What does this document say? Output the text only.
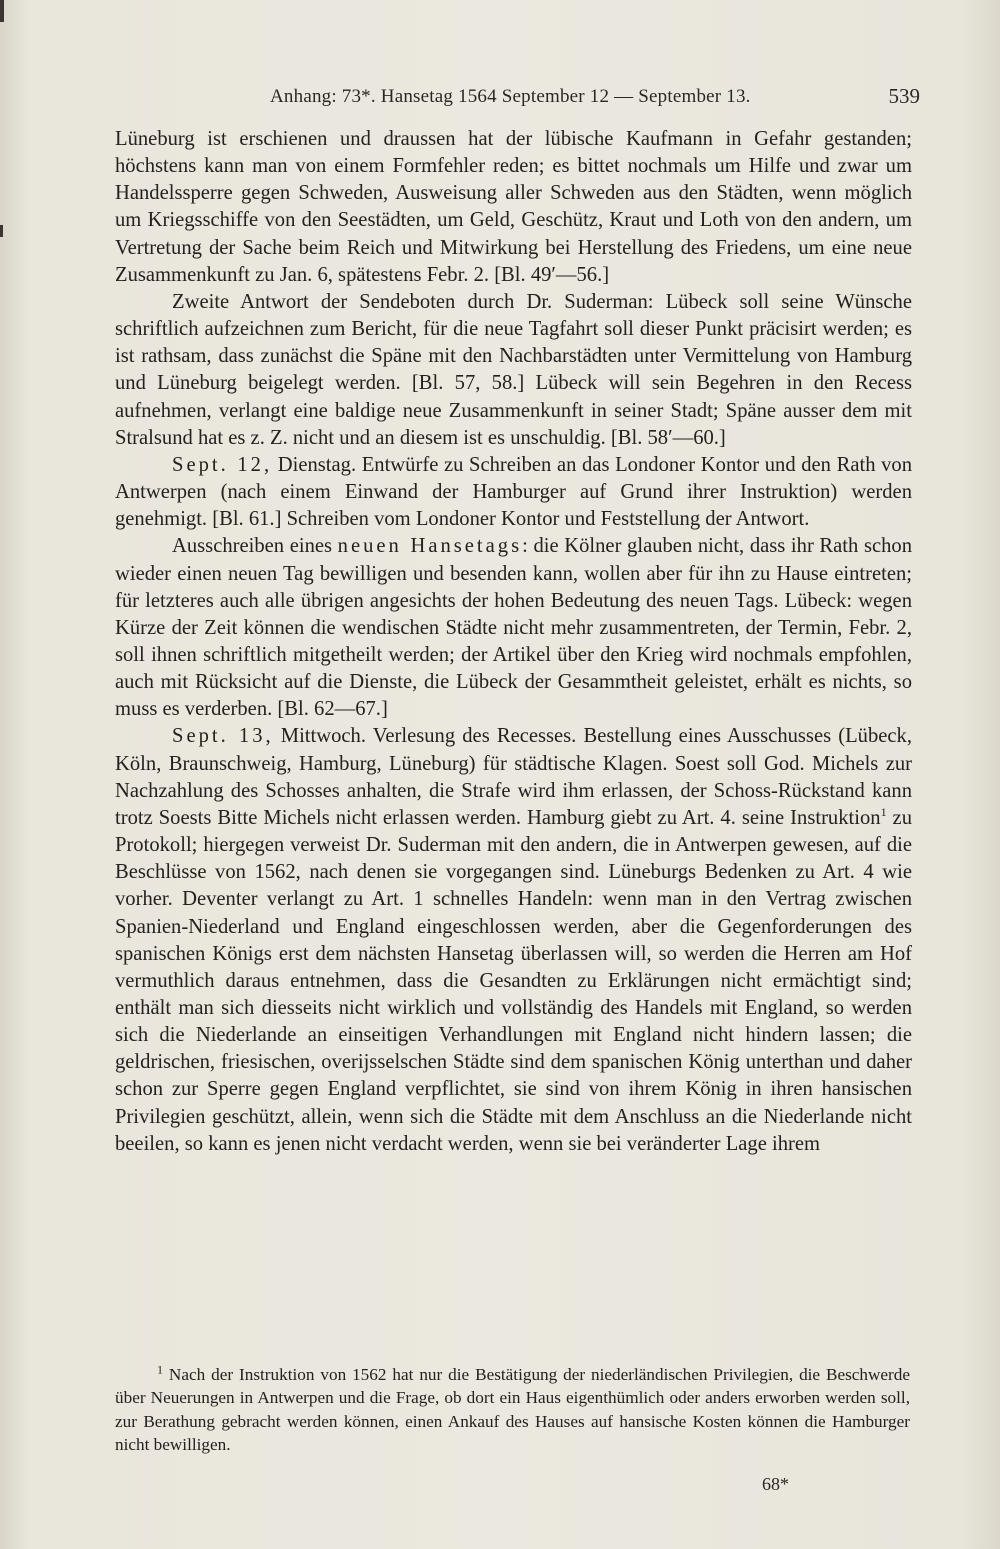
Anhang: 73*. Hansetag 1564 September 12 — September 13.	539

Lüneburg ist erschienen und draussen hat der lübische Kaufmann in Gefahr gestanden; höchstens kann man von einem Formfehler reden; es bittet nochmals um Hilfe und zwar um Handelssperre gegen Schweden, Ausweisung aller Schweden aus den Städten, wenn möglich um Kriegsschiffe von den Seestädten, um Geld, Geschütz, Kraut und Loth von den andern, um Vertretung der Sache beim Reich und Mitwirkung bei Herstellung des Friedens, um eine neue Zusammenkunft zu Jan. 6, spätestens Febr. 2. [Bl. 49′—56.]

Zweite Antwort der Sendeboten durch Dr. Suderman: Lübeck soll seine Wünsche schriftlich aufzeichnen zum Bericht, für die neue Tagfahrt soll dieser Punkt präcisirt werden; es ist rathsam, dass zunächst die Späne mit den Nachbarstädten unter Vermittelung von Hamburg und Lüneburg beigelegt werden. [Bl. 57, 58.] Lübeck will sein Begehren in den Recess aufnehmen, verlangt eine baldige neue Zusammenkunft in seiner Stadt; Späne ausser dem mit Stralsund hat es z. Z. nicht und an diesem ist es unschuldig. [Bl. 58′—60.]

Sept. 12, Dienstag. Entwürfe zu Schreiben an das Londoner Kontor und den Rath von Antwerpen (nach einem Einwand der Hamburger auf Grund ihrer Instruktion) werden genehmigt. [Bl. 61.] Schreiben vom Londoner Kontor und Feststellung der Antwort.

Ausschreiben eines neuen Hansetags: die Kölner glauben nicht, dass ihr Rath schon wieder einen neuen Tag bewilligen und besenden kann, wollen aber für ihn zu Hause eintreten; für letzteres auch alle übrigen angesichts der hohen Bedeutung des neuen Tags. Lübeck: wegen Kürze der Zeit können die wendischen Städte nicht mehr zusammentreten, der Termin, Febr. 2, soll ihnen schriftlich mitgetheilt werden; der Artikel über den Krieg wird nochmals empfohlen, auch mit Rücksicht auf die Dienste, die Lübeck der Gesammtheit geleistet, erhält es nichts, so muss es verderben. [Bl. 62—67.]

Sept. 13, Mittwoch. Verlesung des Recesses. Bestellung eines Ausschusses (Lübeck, Köln, Braunschweig, Hamburg, Lüneburg) für städtische Klagen. Soest soll God. Michels zur Nachzahlung des Schosses anhalten, die Strafe wird ihm erlassen, der Schoss-Rückstand kann trotz Soests Bitte Michels nicht erlassen werden. Hamburg giebt zu Art. 4. seine Instruktion$^1$ zu Protokoll; hiergegen verweist Dr. Suderman mit den andern, die in Antwerpen gewesen, auf die Beschlüsse von 1562, nach denen sie vorgegangen sind. Lüneburgs Bedenken zu Art. 4 wie vorher. Deventer verlangt zu Art. 1 schnelles Handeln: wenn man in den Vertrag zwischen Spanien-Niederland und England eingeschlossen werden, aber die Gegenforderungen des spanischen Königs erst dem nächsten Hansetag überlassen will, so werden die Herren am Hof vermuthlich daraus entnehmen, dass die Gesandten zu Erklärungen nicht ermächtigt sind; enthält man sich diesseits nicht wirklich und vollständig des Handels mit England, so werden sich die Niederlande an einseitigen Verhandlungen mit England nicht hindern lassen; die geldrischen, friesischen, overijsselschen Städte sind dem spanischen König unterthan und daher schon zur Sperre gegen England verpflichtet, sie sind von ihrem König in ihren hansischen Privilegien geschützt, allein, wenn sich die Städte mit dem Anschluss an die Niederlande nicht beeilen, so kann es jenen nicht verdacht werden, wenn sie bei veränderter Lage ihrem

$^1$ Nach der Instruktion von 1562 hat nur die Bestätigung der niederländischen Privilegien, die Beschwerde über Neuerungen in Antwerpen und die Frage, ob dort ein Haus eigenthümlich oder anders erworben werden soll, zur Berathung gebracht werden können, einen Ankauf des Hauses auf hansische Kosten können die Hamburger nicht bewilligen.
68*
